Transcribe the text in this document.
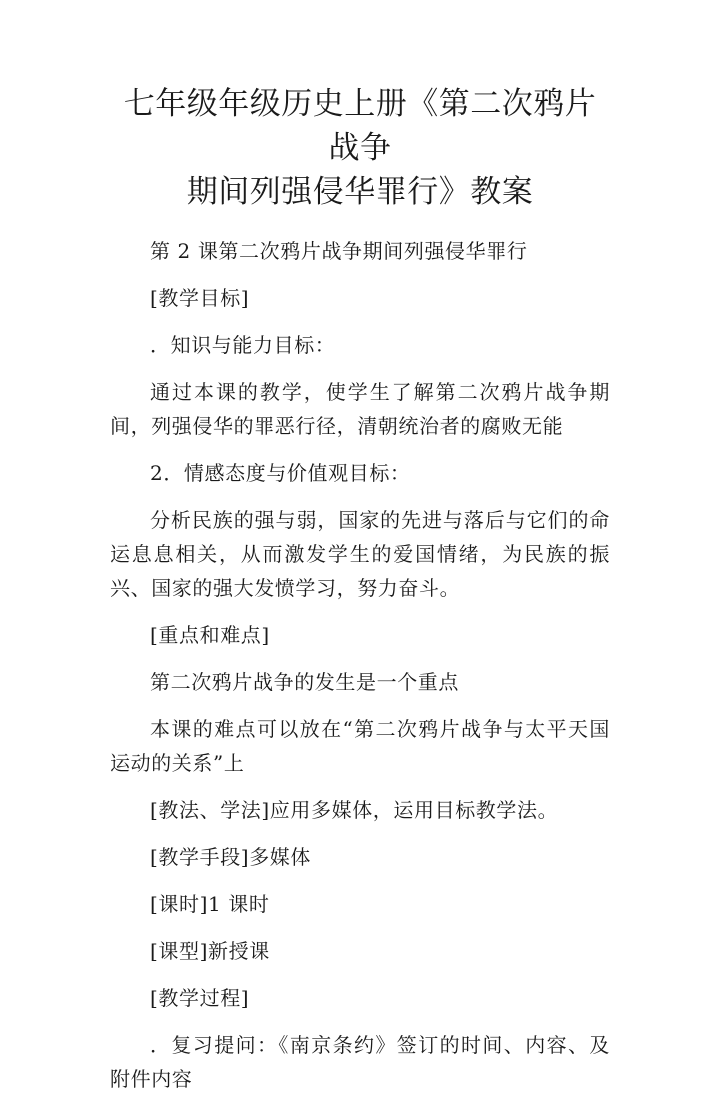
七年级年级历史上册《第二次鸦片战争
期间列强侵华罪行》教案

第 2 课第二次鸦片战争期间列强侵华罪行

[教学目标]

．知识与能力目标：

通过本课的教学，使学生了解第二次鸦片战争期间，列强侵华的罪恶行径，清朝统治者的腐败无能

2．情感态度与价值观目标：

分析民族的强与弱，国家的先进与落后与它们的命运息息相关，从而激发学生的爱国情绪，为民族的振兴、国家的强大发愤学习，努力奋斗。

[重点和难点]

第二次鸦片战争的发生是一个重点

本课的难点可以放在“第二次鸦片战争与太平天国运动的关系”上

[教法、学法]应用多媒体，运用目标教学法。

[教学手段]多媒体

[课时]1 课时

[课型]新授课

[教学过程]

．复习提问：《南京条约》签订的时间、内容、及附件内容
